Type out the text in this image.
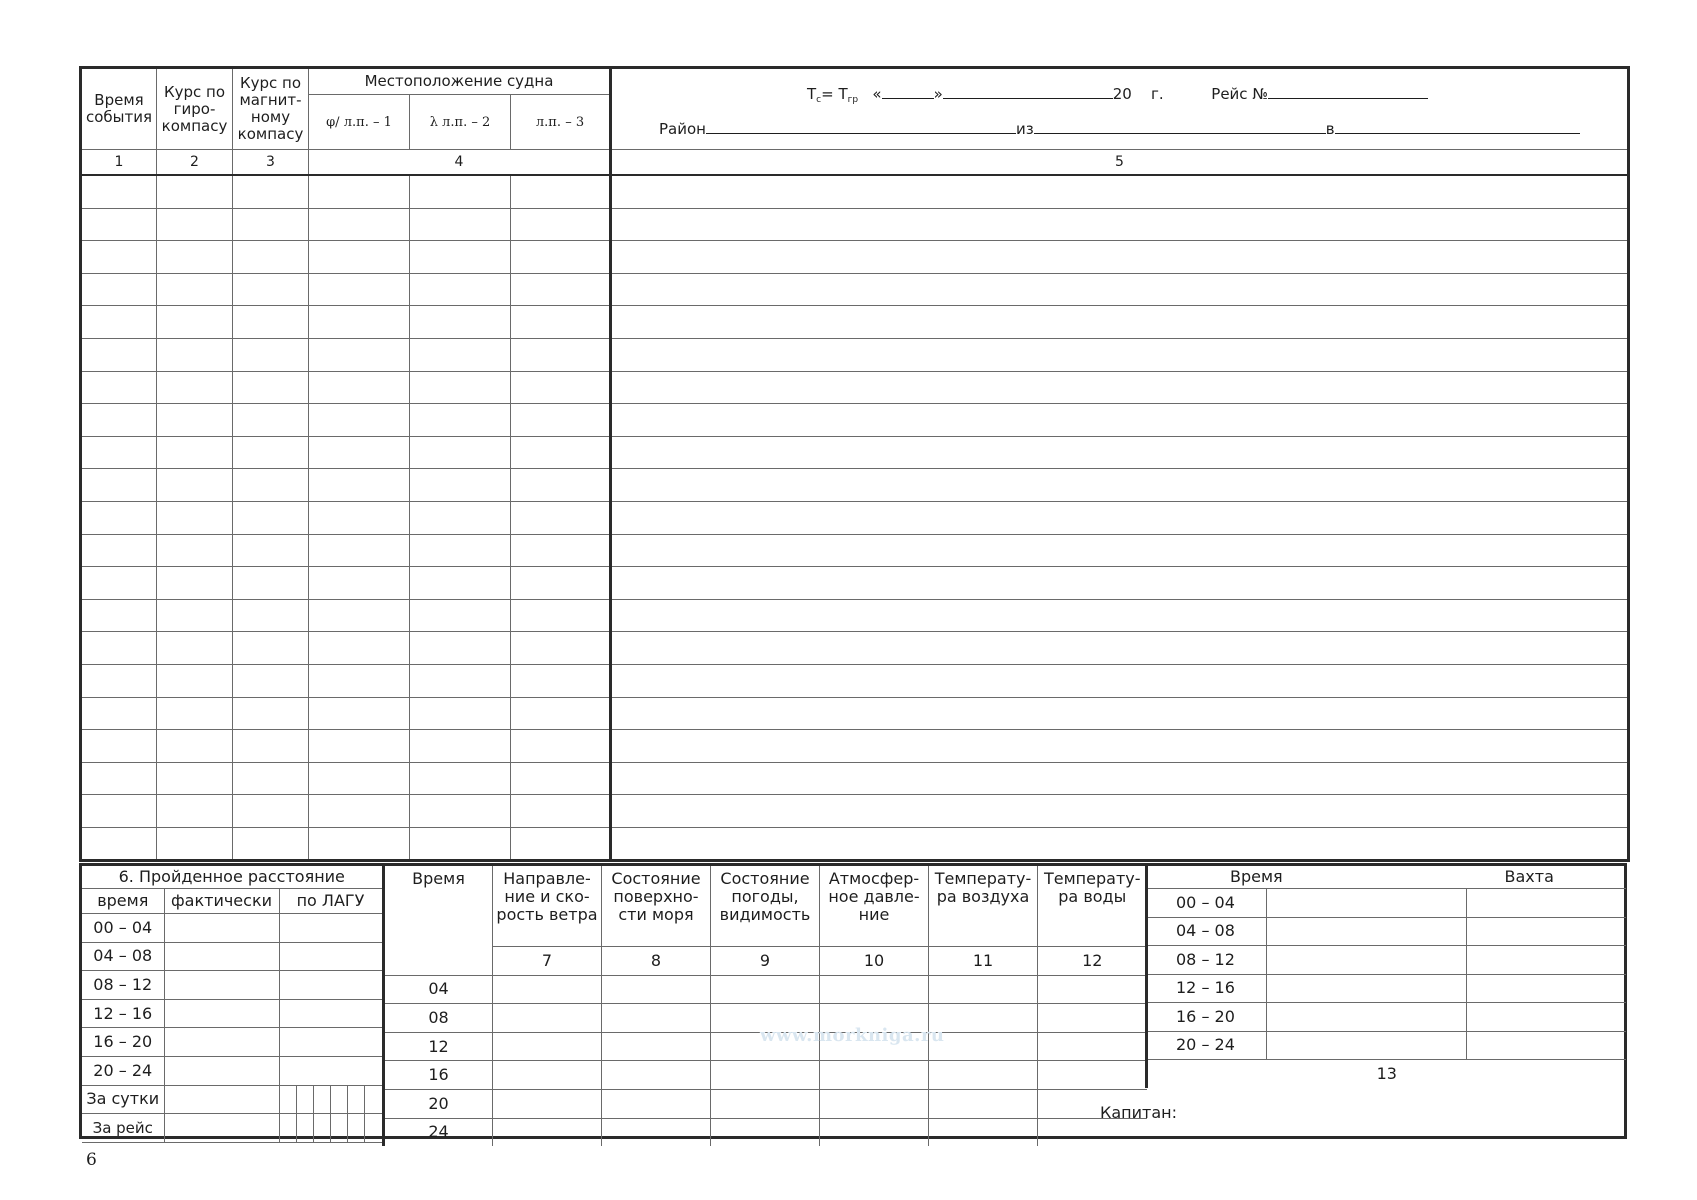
Время события	Курс по гиро- компасу	Курс по магнит- ному компасу	Местоположение судна			Tс= Tгр « » 20 г. Рейс №
Район из в

			φ/ л.п. – 1	λ л.п. – 2	л.п. – 3	
1	2	3	4			5

6. Пройденное расстояние		
время	фактически	по ЛАГУ
00 – 04		
04 – 08		
08 – 12		
12 – 16		
16 – 20		
20 – 24		
За сутки		

За рейс		
Время	Направле- ние и ско- рость ветра	Состояние поверхно- сти моря	Состояние погоды, видимость	Атмосфер- ное давле- ние	Температу- ра воздуха	Температу- ра воды
	7	8	9	10	11	12
04						
08						
12						
16						
20						
24						
Время		Вахта
00 – 04		
04 – 08		
08 – 12		
12 – 16		
16 – 20		
20 – 24		
13		
Капитан:
www.morkniga.ru
6
